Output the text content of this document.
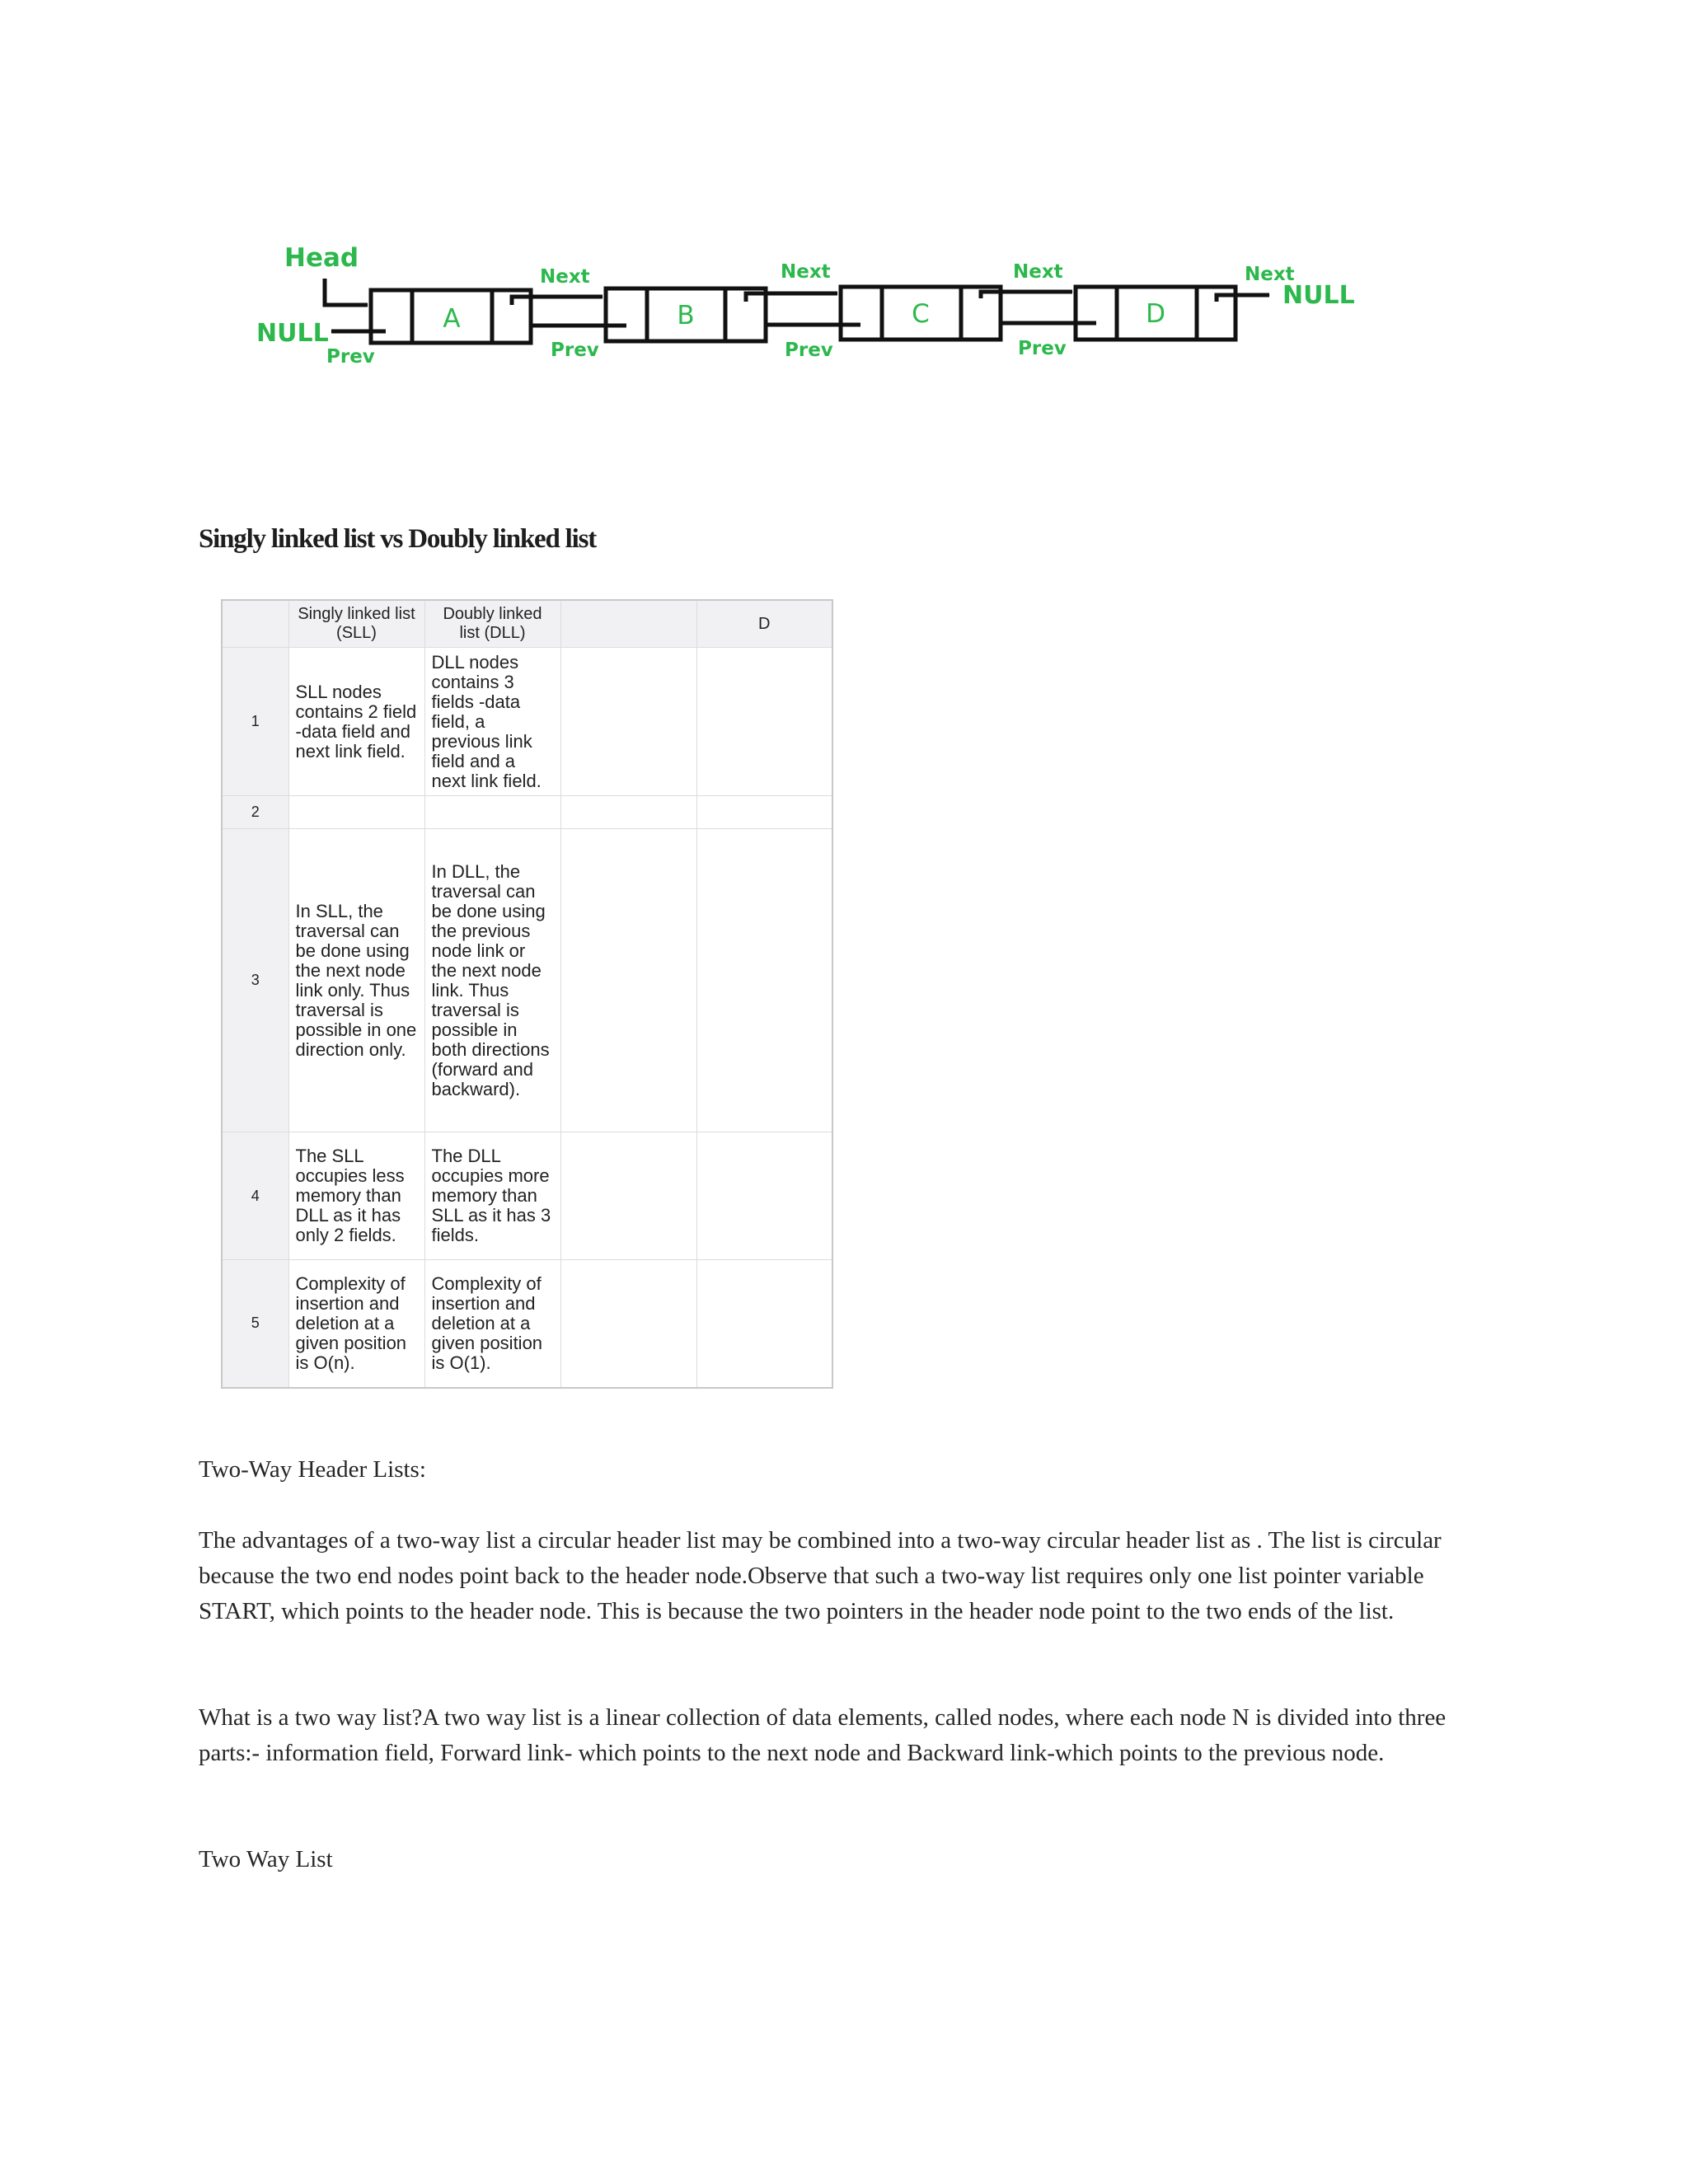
Head
NULL
NULL
A	B	C	D
Next	Next	Next	Next
Prev	Prev	Prev	Prev
Singly linked list vs Doubly linked list
	Singly linked list (SLL)	Doubly linked list (DLL)		D
1	SLL nodes contains 2 field -data field and next link field.	DLL nodes contains 3 fields -data field, a previous link field and a next link field.		
2				
3	In SLL, the traversal can be done using the next node link only. Thus traversal is possible in one direction only.	In DLL, the traversal can be done using the previous node link or the next node link. Thus traversal is possible in both directions (forward and backward).		
4	The SLL occupies less memory than DLL as it has only 2 fields.	The DLL occupies more memory than SLL as it has 3 fields.		
5	Complexity of insertion and deletion at a given position is O(n).	Complexity of insertion and deletion at a given position is O(1).		

Two-Way Header Lists:

The advantages of a two-way list a circular header list may be combined into a two-way circular header list as . The list is circular because the two end nodes point back to the header node.Observe that such a two-way list requires only one list pointer variable START, which points to the header node. This is because the two pointers in the header node point to the two ends of the list.

What is a two way list?A two way list is a linear collection of data elements, called nodes, where each node N is divided into three parts:- information field, Forward link- which points to the next node and Backward link-which points to the previous node.

Two Way List
